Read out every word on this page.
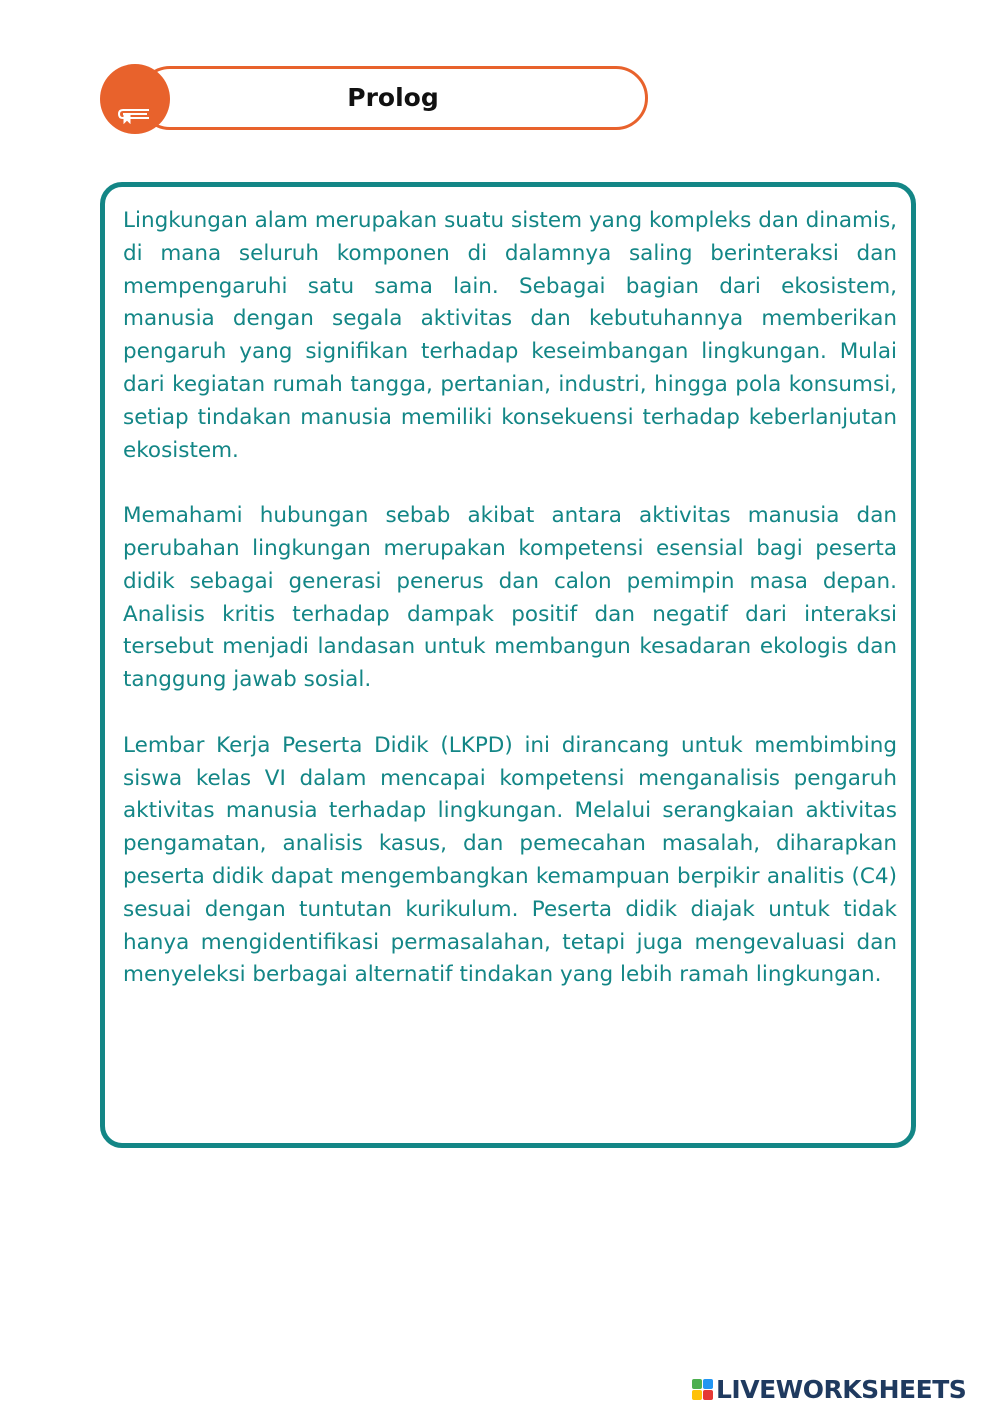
Prolog

Lingkungan alam merupakan suatu sistem yang kompleks dan dinamis, di mana seluruh komponen di dalamnya saling berinteraksi dan mempengaruhi satu sama lain. Sebagai bagian dari ekosistem, manusia dengan segala aktivitas dan kebutuhannya memberikan pengaruh yang signifikan terhadap keseimbangan lingkungan. Mulai dari kegiatan rumah tangga, pertanian, industri, hingga pola konsumsi, setiap tindakan manusia memiliki konsekuensi terhadap keberlanjutan ekosistem.

Memahami hubungan sebab akibat antara aktivitas manusia dan perubahan lingkungan merupakan kompetensi esensial bagi peserta didik sebagai generasi penerus dan calon pemimpin masa depan. Analisis kritis terhadap dampak positif dan negatif dari interaksi tersebut menjadi landasan untuk membangun kesadaran ekologis dan tanggung jawab sosial.

Lembar Kerja Peserta Didik (LKPD) ini dirancang untuk membimbing siswa kelas VI dalam mencapai kompetensi menganalisis pengaruh aktivitas manusia terhadap lingkungan. Melalui serangkaian aktivitas pengamatan, analisis kasus, dan pemecahan masalah, diharapkan peserta didik dapat mengembangkan kemampuan berpikir analitis (C4) sesuai dengan tuntutan kurikulum. Peserta didik diajak untuk tidak hanya mengidentifikasi permasalahan, tetapi juga mengevaluasi dan menyeleksi berbagai alternatif tindakan yang lebih ramah lingkungan.

LIVEWORKSHEETS
